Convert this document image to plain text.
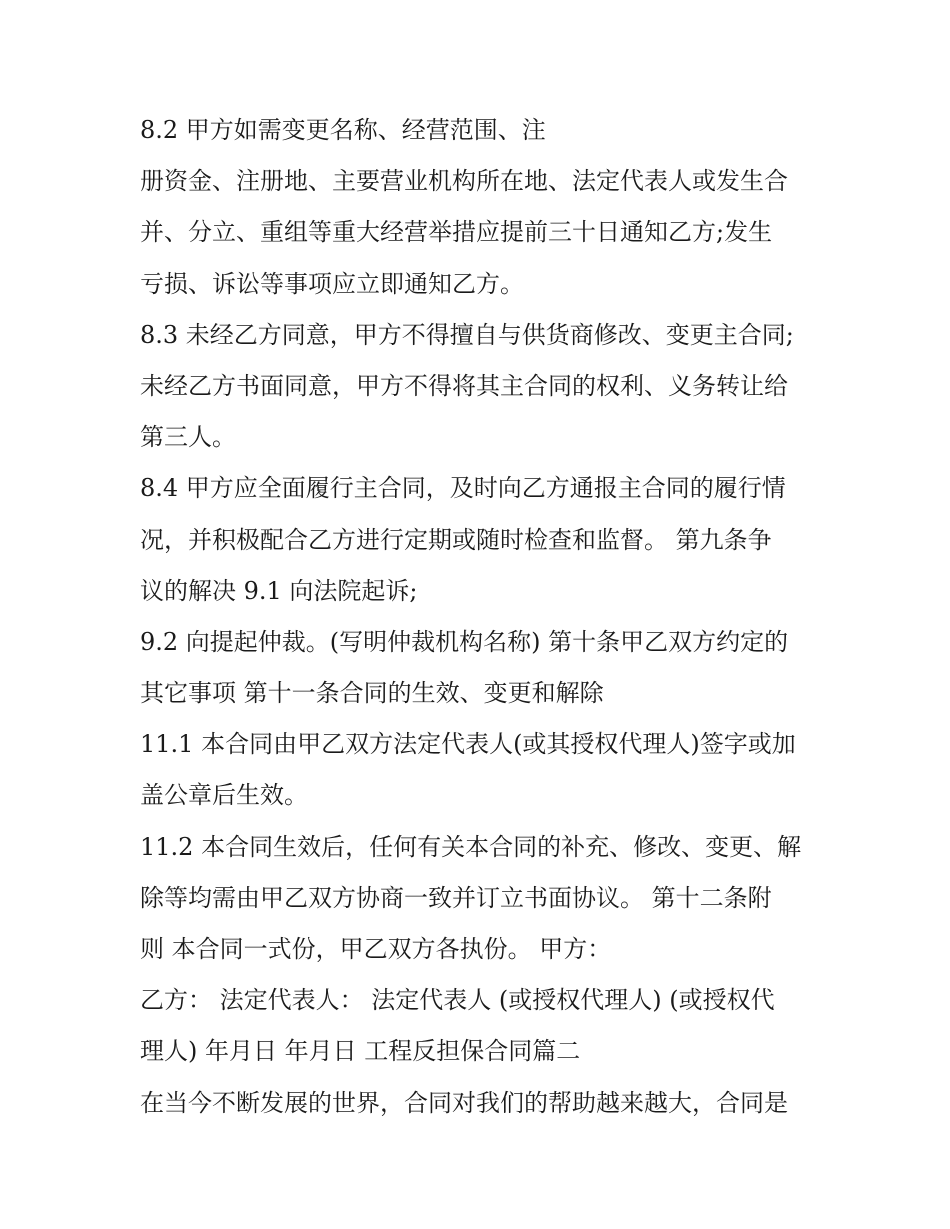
8.2 甲方如需变更名称、经营范围、注
册资金、注册地、主要营业机构所在地、法定代表人或发生合
并、分立、重组等重大经营举措应提前三十日通知乙方;发生
亏损、诉讼等事项应立即通知乙方。
8.3 未经乙方同意，甲方不得擅自与供货商修改、变更主合同;
未经乙方书面同意，甲方不得将其主合同的权利、义务转让给
第三人。
8.4 甲方应全面履行主合同，及时向乙方通报主合同的履行情
况，并积极配合乙方进行定期或随时检查和监督。 第九条争
议的解决 9.1 向法院起诉;
9.2 向提起仲裁。(写明仲裁机构名称) 第十条甲乙双方约定的
其它事项 第十一条合同的生效、变更和解除
11.1 本合同由甲乙双方法定代表人(或其授权代理人)签字或加
盖公章后生效。
11.2 本合同生效后，任何有关本合同的补充、修改、变更、解
除等均需由甲乙双方协商一致并订立书面协议。 第十二条附
则 本合同一式份，甲乙双方各执份。 甲方：
乙方： 法定代表人： 法定代表人 (或授权代理人) (或授权代
理人) 年月日 年月日 工程反担保合同篇二
在当今不断发展的世界，合同对我们的帮助越来越大，合同是
